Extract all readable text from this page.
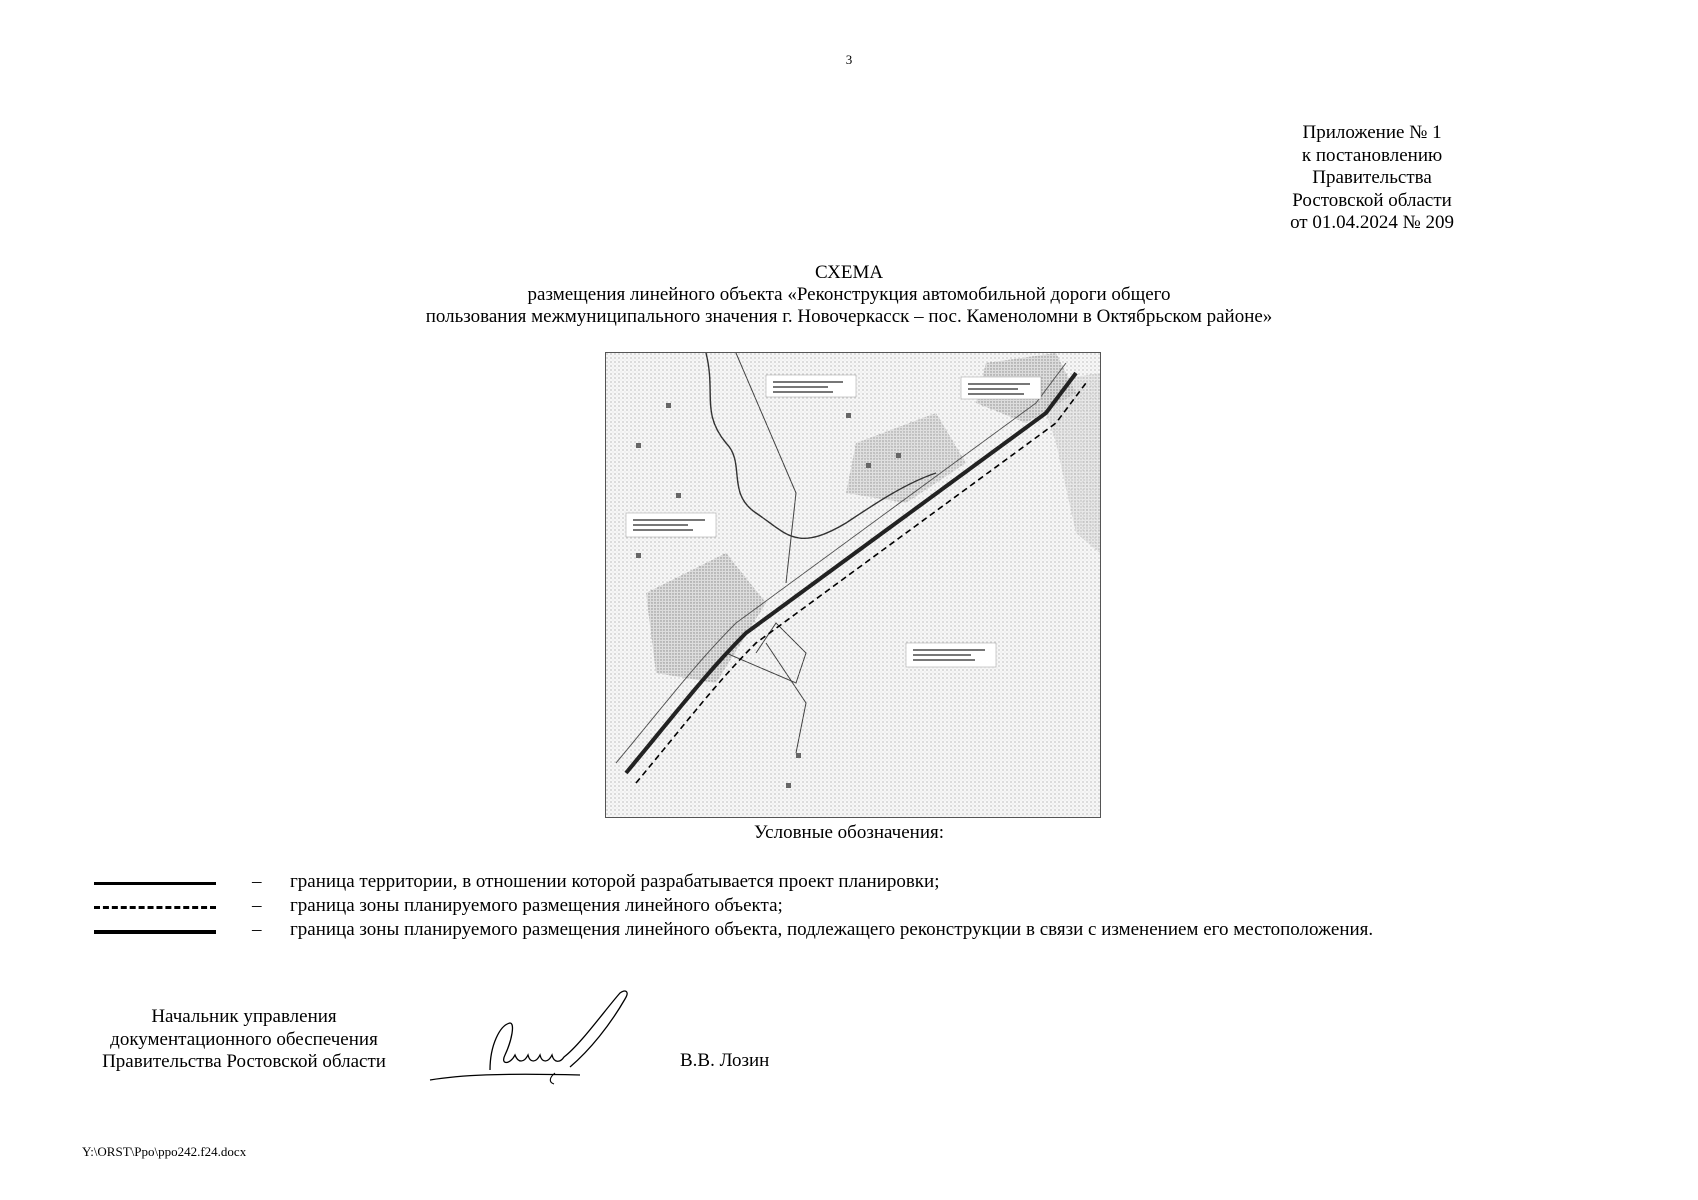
3
Приложение № 1
к постановлению
Правительства
Ростовской области
от 01.04.2024 № 209
СХЕМА
размещения линейного объекта «Реконструкция автомобильной дороги общего
пользования межмуниципального значения г. Новочеркасск – пос. Каменоломни в Октябрьском районе»
Условные обозначения:
– граница территории, в отношении которой разрабатывается проект планировки;
– граница зоны планируемого размещения линейного объекта;
– граница зоны планируемого размещения линейного объекта, подлежащего реконструкции в связи с изменением его местоположения.
Начальник управления
документационного обеспечения
Правительства Ростовской области	В.В. Лозин
Y:\ORST\Ppo\ppo242.f24.docx
